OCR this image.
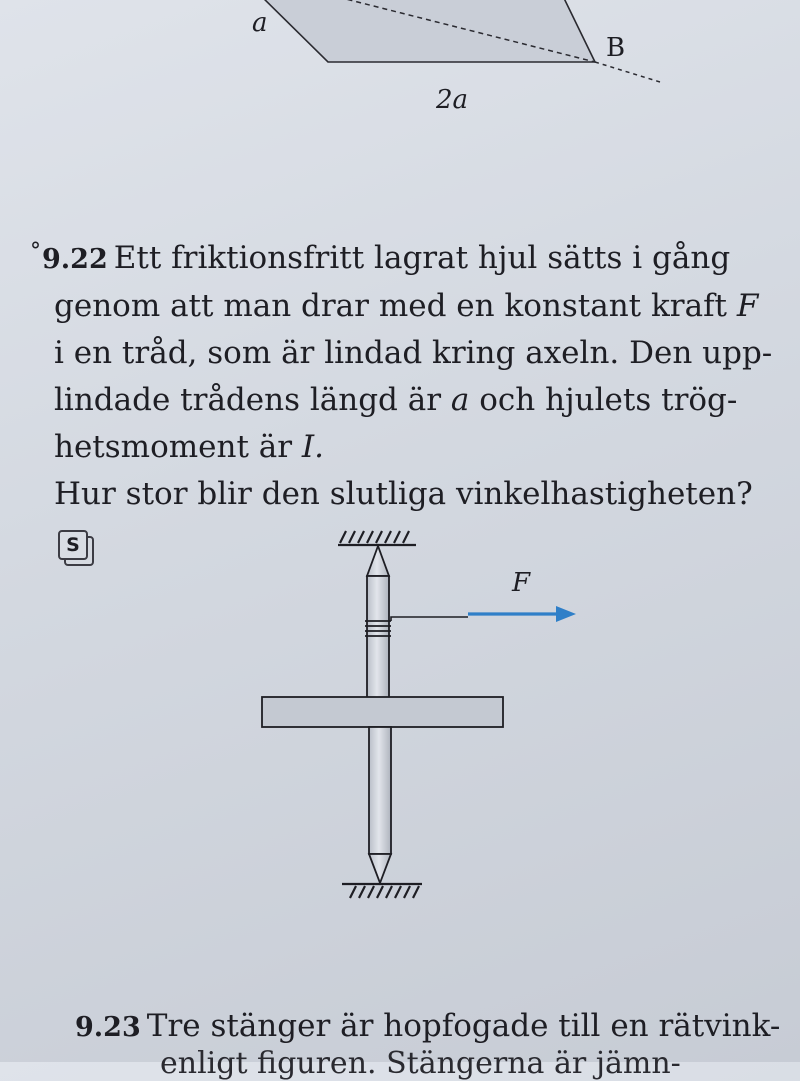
a
B
2a
°9.22 Ett friktionsfritt lagrat hjul sätts i gång
genom att man drar med en konstant kraft F
i en tråd, som är lindad kring axeln. Den upp-
lindade trådens längd är a och hjulets trög-
hetsmoment är I.
Hur stor blir den slutliga vinkelhastigheten?
S
F
9.23 Tre stänger är hopfogade till en rätvink-
enligt figuren. Stängerna är jämn-
